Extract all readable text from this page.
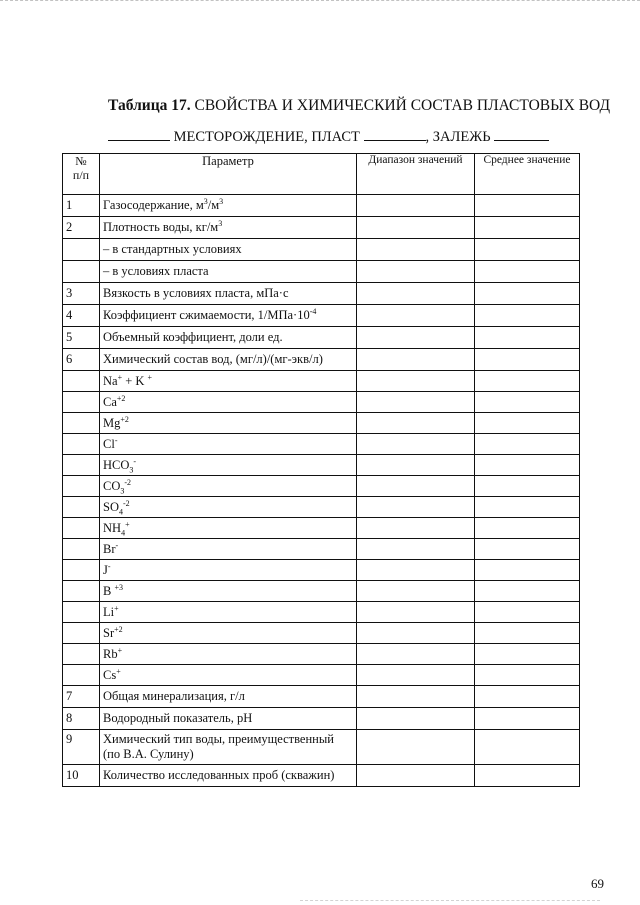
Таблица 17. СВОЙСТВА И ХИМИЧЕСКИЙ СОСТАВ ПЛАСТОВЫХ ВОД
МЕСТОРОЖДЕНИЕ, ПЛАСТ	, ЗАЛЕЖЬ
№
п/п	Параметр	Диапазон значений	Среднее значение
1	Газосодержание, $м^3/м^3$		
2	Плотность воды, $кг/м^3$		
	– в стандартных условиях		
	– в условиях пласта		
3	Вязкость в условиях пласта, мПа·с		
4	Коэффициент сжимаемости, $1/МПа\cdot 10^{-4}$		
5	Объемный коэффициент, доли ед.		
6	Химический состав вод, (мг/л)/(мг-экв/л)		
	Na+ + K +		
	$Ca^{+2}$		
	$Mg^{+2}$		
	Cl-		
	$HCO_3^-$		
	$CO_3^{-2}$		
	$SO_4^{-2}$		
	$NH_4^+$		
	Br-		
	J-		
	B $^{+3}$		
	Li+		
	$Sr^{+2}$		
	Rb+		
	Cs+		
7	Общая минерализация, г/л		
8	Водородный показатель, pH		
9	Химический тип воды, преимущественный
(по В.А. Сулину)		
10	Количество исследованных проб (скважин)		
69
